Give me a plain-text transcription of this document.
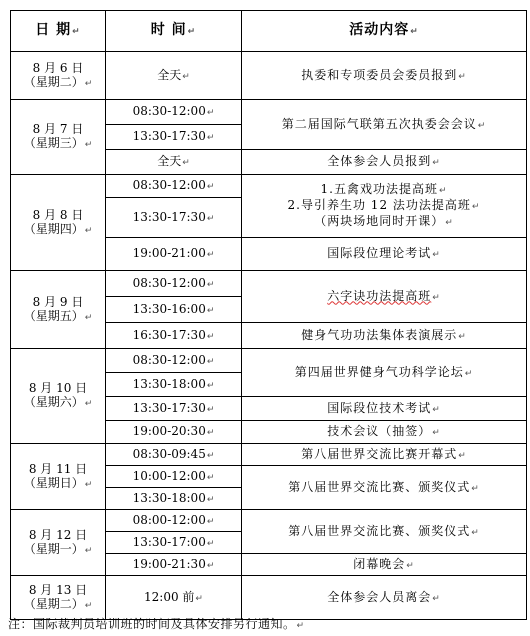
日 期↵	时 间↵	活动内容↵

8 月 6 日
（星期二）↵	全天↵	执委和专项委员会委员报到↵

8 月 7 日
（星期三）↵	08:30-12:00↵	第二届国际气联第五次执委会会议↵
	13:30-17:30↵	
	全天↵	全体参会人员报到↵

8 月 8 日
（星期四）↵	08:30-12:00↵	1.五禽戏功法提高班↵
2.导引养生功 12 法功法提高班↵
（两块场地同时开课）↵

	13:30-17:30↵	
	19:00-21:00↵	国际段位理论考试↵

8 月 9 日
（星期五）↵	08:30-12:00↵	六字诀功法提高班↵
	13:30-16:00↵	
	16:30-17:30↵	健身气功功法集体表演展示↵

8 月 10 日
（星期六）↵	08:30-12:00↵	第四届世界健身气功科学论坛↵
	13:30-18:00↵	
	13:30-17:30↵	国际段位技术考试↵
	19:00-20:30↵	技术会议（抽签）↵

8 月 11 日
（星期日）↵	08:30-09:45↵	第八届世界交流比赛开幕式↵
	10:00-12:00↵	第八届世界交流比赛、颁奖仪式↵
	13:30-18:00↵	

8 月 12 日
（星期一）↵	08:00-12:00↵	第八届世界交流比赛、颁奖仪式↵
	13:30-17:00↵	
	19:00-21:30↵	闭幕晚会↵

8 月 13 日
（星期二）↵	12:00 前↵	全体参会人员离会↵
注：国际裁判员培训班的时间及具体安排另行通知。↵
